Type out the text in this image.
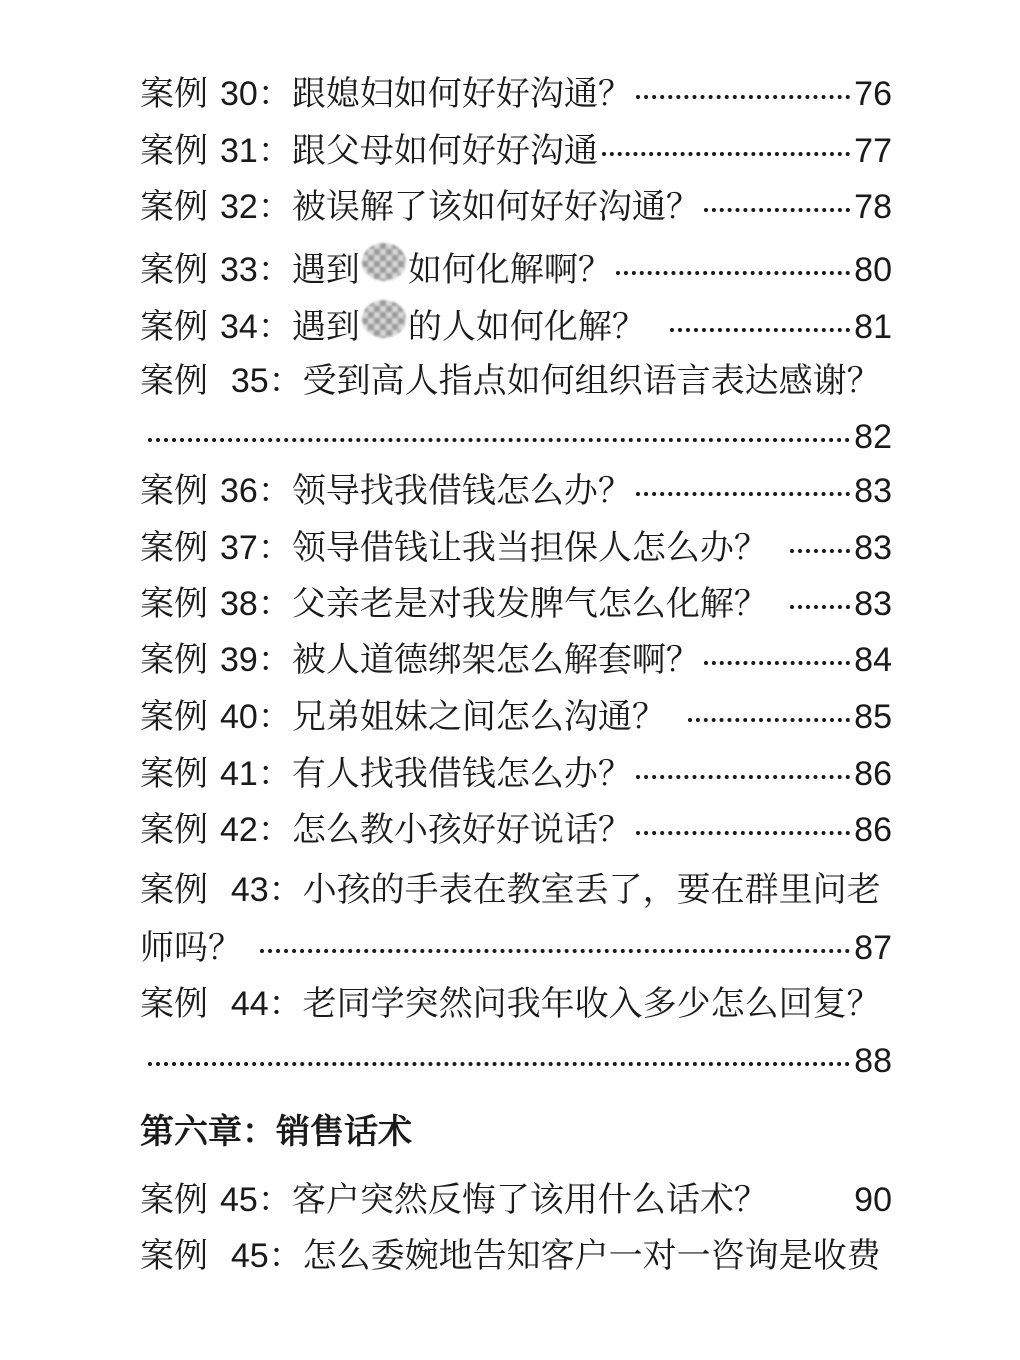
案例 30 ： 跟媳妇如何好好沟通？	76
案例 31 ： 跟父母如何好好沟通	77
案例 32 ： 被误解了该如何好好沟通？	78
案例 33 ： 遇到 如何化解啊？	80
案例 34 ： 遇到 的人如何化解？	81
案例 35：受到高人指点如何组织语言表达感谢？
82
案例 36 ： 领导找我借钱怎么办？	83
案例 37 ： 领导借钱让我当担保人怎么办？	83
案例 38 ： 父亲老是对我发脾气怎么化解？	83
案例 39 ： 被人道德绑架怎么解套啊？	84
案例 40 ： 兄弟姐妹之间怎么沟通？	85
案例 41 ： 有人找我借钱怎么办？	86
案例 42 ： 怎么教小孩好好说话？	86
案例 43：小孩的手表在教室丢了，要在群里问老
师吗？	87
案例 44：老同学突然问我年收入多少怎么回复？
88
第六章：销售话术
案例 45 ： 客户突然反悔了该用什么话术？	90
案例 45：怎么委婉地告知客户一对一咨询是收费
